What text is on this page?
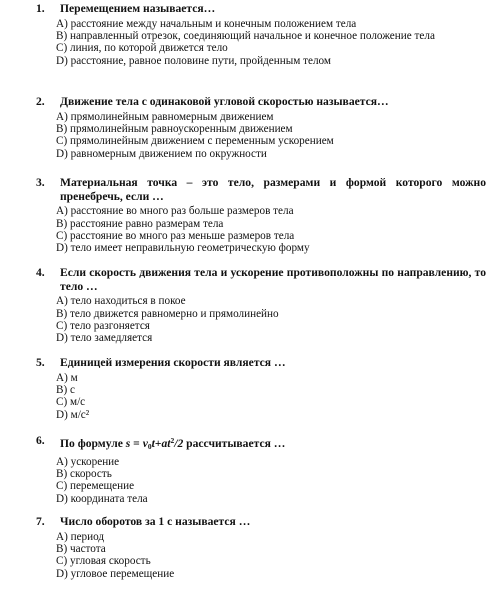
1. Перемещением называется…
A) расстояние между начальным и конечным положением тела
B) направленный отрезок, соединяющий начальное и конечное положение тела
C) линия, по которой движется тело
D) расстояние, равное половине пути, пройденным телом
2. Движение тела с одинаковой угловой скоростью называется…
A) прямолинейным равномерным движением
B) прямолинейным равноускоренным движением
C) прямолинейным движением с переменным ускорением
D) равномерным движением по окружности
3. Материальная точка – это тело, размерами и формой которого можно пренебречь, если …
A) расстояние во много раз больше размеров тела
B) расстояние равно размерам тела
C) расстояние во много раз меньше размеров тела
D) тело имеет неправильную геометрическую форму
4. Если скорость движения тела и ускорение противоположны по направлению, то тело …
A) тело находиться в покое
B) тело движется равномерно и прямолинейно
C) тело разгоняется
D) тело замедляется
5. Единицей измерения скорости является …
A) м
B) с
C) м/с
D) м/с²
6. По формуле $s = v_0t+at^2/2$ рассчитывается …
A) ускорение
B) скорость
C) перемещение
D) координата тела
7. Число оборотов за 1 с называется …
A) период
B) частота
C) угловая скорость
D) угловое перемещение
